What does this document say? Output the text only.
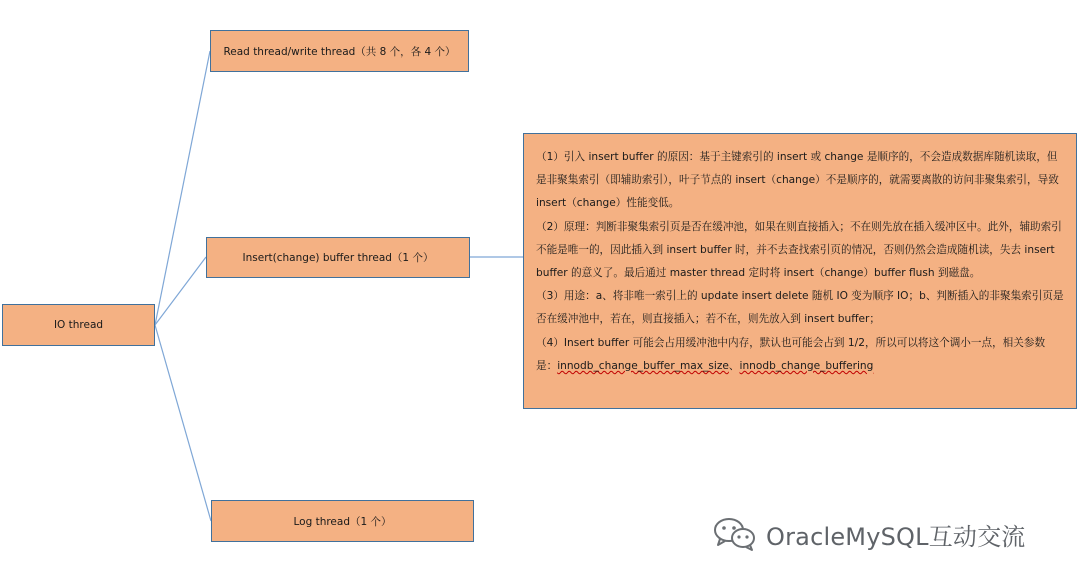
IO thread
Read thread/write thread（共 8 个，各 4 个）
Insert(change) buffer thread（1 个）
Log thread（1 个）

（1）引入 insert buffer 的原因：基于主键索引的 insert 或 change 是顺序的，不会造成数据库随机读取，但是非聚集索引（即辅助索引），叶子节点的 insert（change）不是顺序的，就需要离散的访问非聚集索引，导致 insert（change）性能变低。

（2）原理：判断非聚集索引页是否在缓冲池，如果在则直接插入；不在则先放在插入缓冲区中。此外，辅助索引不能是唯一的，因此插入到 insert buffer 时，并不去查找索引页的情况，否则仍然会造成随机读，失去 insert buffer 的意义了。最后通过 master thread 定时将 insert（change）buffer flush 到磁盘。

（3）用途：a、将非唯一索引上的 update insert delete 随机 IO 变为顺序 IO；b、判断插入的非聚集索引页是否在缓冲池中，若在，则直接插入；若不在，则先放入到 insert buffer；

（4）Insert buffer 可能会占用缓冲池中内存，默认也可能会占到 1/2，所以可以将这个调小一点，相关参数是：innodb_change_buffer_max_size、innodb_change_buffering

OracleMySQL互动交流
